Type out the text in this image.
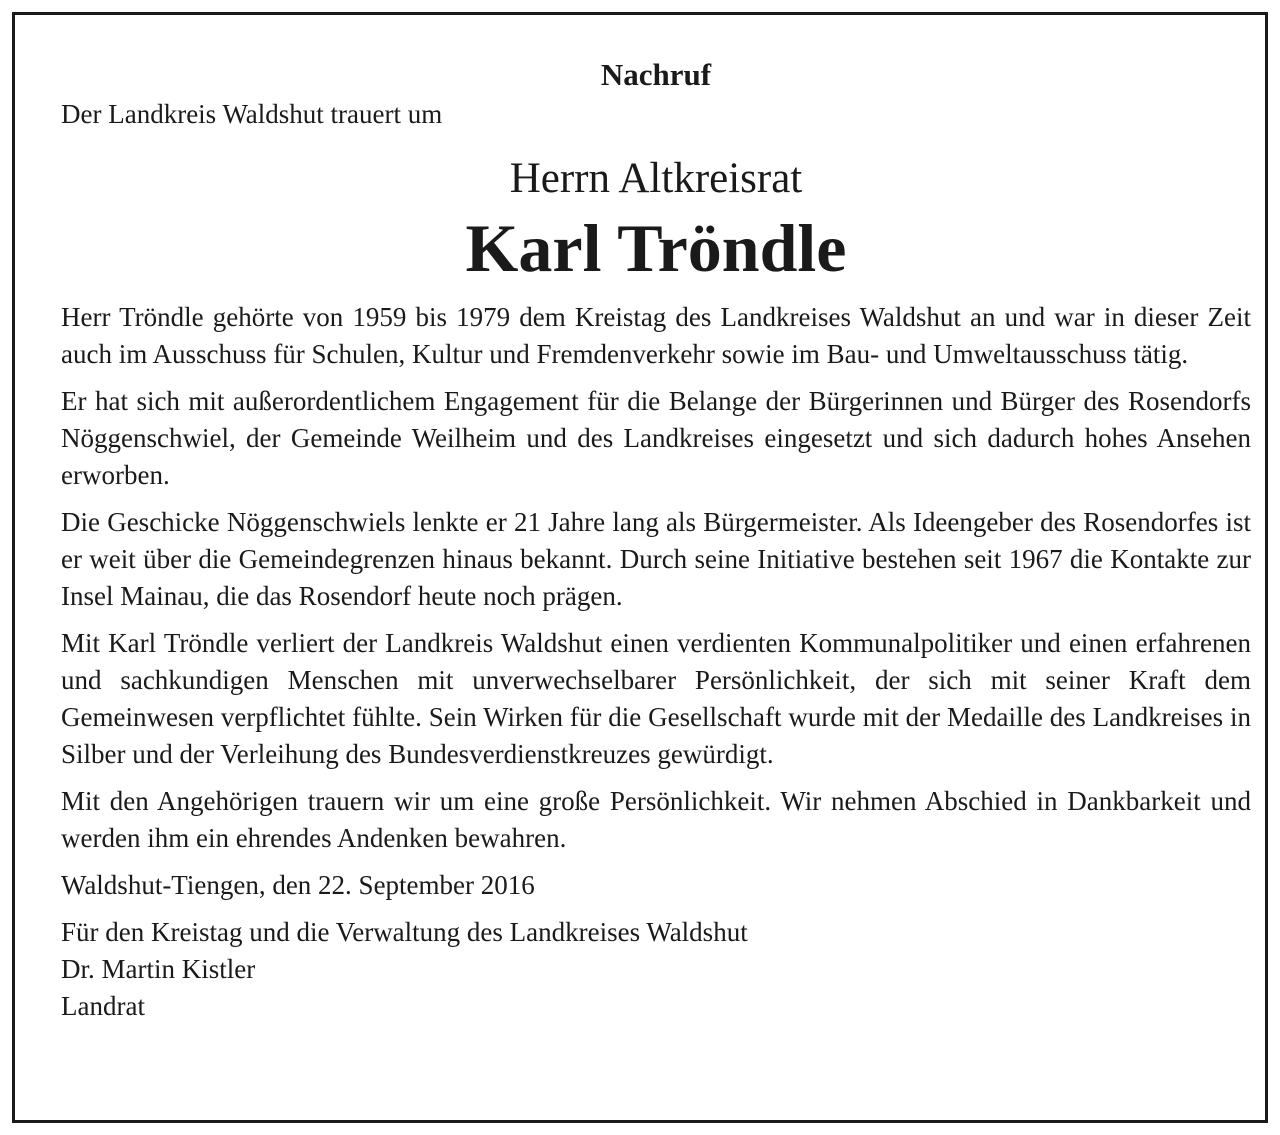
Nachruf
Der Landkreis Waldshut trauert um
Herrn Altkreisrat
Karl Tröndle

Herr Tröndle gehörte von 1959 bis 1979 dem Kreistag des Landkreises Waldshut an und war in dieser Zeit auch im Ausschuss für Schulen, Kultur und Fremdenverkehr sowie im Bau- und Umweltausschuss tätig.

Er hat sich mit außerordentlichem Engagement für die Belange der Bürgerinnen und Bürger des Rosendorfs Nöggenschwiel, der Gemeinde Weilheim und des Landkreises eingesetzt und sich dadurch hohes Ansehen erworben.

Die Geschicke Nöggenschwiels lenkte er 21 Jahre lang als Bürgermeister. Als Ideengeber des Rosendorfes ist er weit über die Gemeindegrenzen hinaus bekannt. Durch seine Initiative bestehen seit 1967 die Kontakte zur Insel Mainau, die das Rosendorf heute noch prägen.

Mit Karl Tröndle verliert der Landkreis Waldshut einen verdienten Kommunalpolitiker und einen erfahrenen und sachkundigen Menschen mit unverwechselbarer Persönlichkeit, der sich mit seiner Kraft dem Gemeinwesen verpflichtet fühlte. Sein Wirken für die Gesellschaft wurde mit der Medaille des Landkreises in Silber und der Verleihung des Bundesverdienstkreuzes gewürdigt.

Mit den Angehörigen trauern wir um eine große Persönlichkeit. Wir nehmen Abschied in Dankbarkeit und werden ihm ein ehrendes Andenken bewahren.

Waldshut-Tiengen, den 22. September 2016

Für den Kreistag und die Verwaltung des Landkreises Waldshut
Dr. Martin Kistler
Landrat
